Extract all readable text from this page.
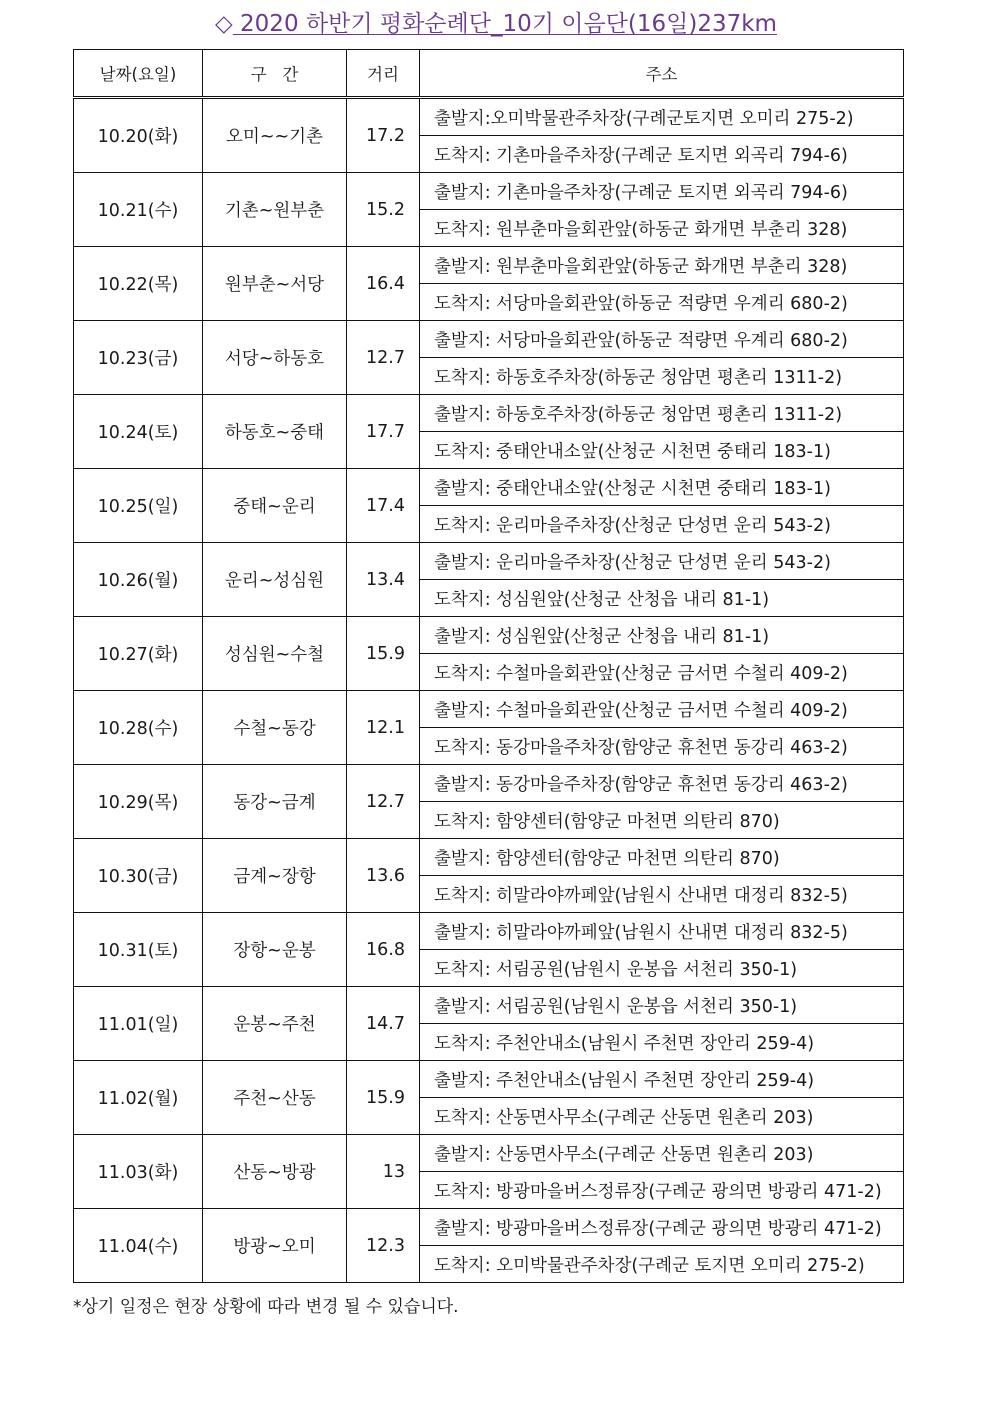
◇ 2020 하반기 평화순례단_10기 이음단(16일)237km
날짜(요일)	구   간	거리	주소
10.20(화)	오미~~기촌	17.2	출발지:오미박물관주차장(구례군토지면 오미리 275-2)
			도착지: 기촌마을주차장(구례군 토지면 외곡리 794-6)
10.21(수)	기촌~원부춘	15.2	출발지: 기촌마을주차장(구례군 토지면 외곡리 794-6)
			도착지: 원부춘마을회관앞(하동군 화개면 부춘리 328)
10.22(목)	원부춘~서당	16.4	출발지: 원부춘마을회관앞(하동군 화개면 부춘리 328)
			도착지: 서당마을회관앞(하동군 적량면 우계리 680-2)
10.23(금)	서당~하동호	12.7	출발지: 서당마을회관앞(하동군 적량면 우계리 680-2)
			도착지: 하동호주차장(하동군 청암면 평촌리 1311-2)
10.24(토)	하동호~중태	17.7	출발지: 하동호주차장(하동군 청암면 평촌리 1311-2)
			도착지: 중태안내소앞(산청군 시천면 중태리 183-1)
10.25(일)	중태~운리	17.4	출발지: 중태안내소앞(산청군 시천면 중태리 183-1)
			도착지: 운리마을주차장(산청군 단성면 운리 543-2)
10.26(월)	운리~성심원	13.4	출발지: 운리마을주차장(산청군 단성면 운리 543-2)
			도착지: 성심원앞(산청군 산청읍 내리 81-1)
10.27(화)	성심원~수철	15.9	출발지: 성심원앞(산청군 산청읍 내리 81-1)
			도착지: 수철마을회관앞(산청군 금서면 수철리 409-2)
10.28(수)	수철~동강	12.1	출발지: 수철마을회관앞(산청군 금서면 수철리 409-2)
			도착지: 동강마을주차장(함양군 휴천면 동강리 463-2)
10.29(목)	동강~금계	12.7	출발지: 동강마을주차장(함양군 휴천면 동강리 463-2)
			도착지: 함양센터(함양군 마천면 의탄리 870)
10.30(금)	금계~장항	13.6	출발지: 함양센터(함양군 마천면 의탄리 870)
			도착지: 히말라야까페앞(남원시 산내면 대정리 832-5)
10.31(토)	장항~운봉	16.8	출발지: 히말라야까페앞(남원시 산내면 대정리 832-5)
			도착지: 서림공원(남원시 운봉읍 서천리 350-1)
11.01(일)	운봉~주천	14.7	출발지: 서림공원(남원시 운봉읍 서천리 350-1)
			도착지: 주천안내소(남원시 주천면 장안리 259-4)
11.02(월)	주천~산동	15.9	출발지: 주천안내소(남원시 주천면 장안리 259-4)
			도착지: 산동면사무소(구례군 산동면 원촌리 203)
11.03(화)	산동~방광	13	출발지: 산동면사무소(구례군 산동면 원촌리 203)
			도착지: 방광마을버스정류장(구례군 광의면 방광리 471-2)
11.04(수)	방광~오미	12.3	출발지: 방광마을버스정류장(구례군 광의면 방광리 471-2)
			도착지: 오미박물관주차장(구례군 토지면 오미리 275-2)
*상기 일정은 현장 상황에 따라 변경 될 수 있습니다.
